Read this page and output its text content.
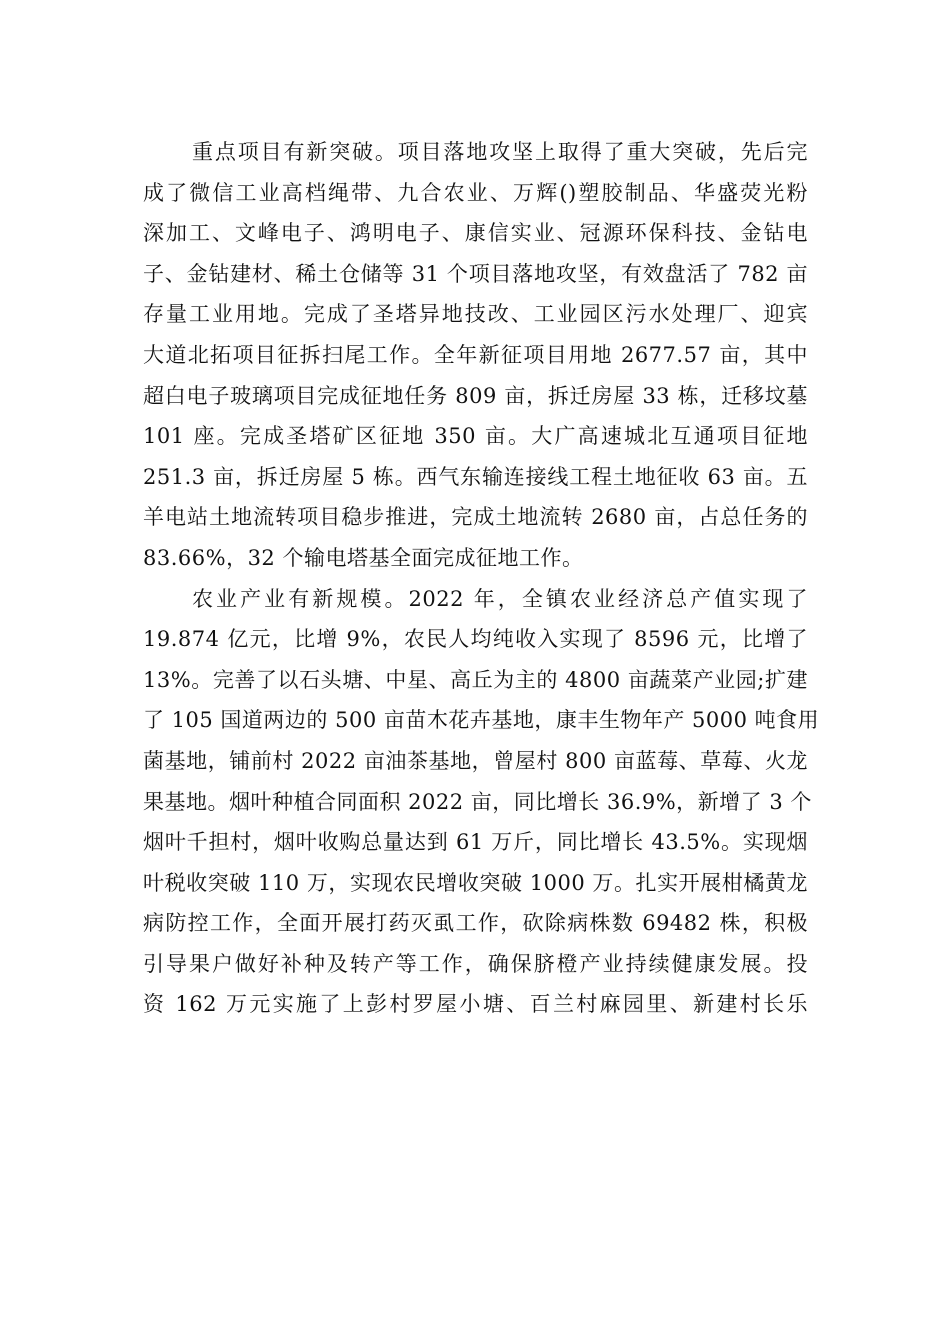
重点项目有新突破。项目落地攻坚上取得了重大突破，先后完
成了微信工业高档绳带、九合农业、万辉()塑胶制品、华盛荧光粉
深加工、文峰电子、鸿明电子、康信实业、冠源环保科技、金钻电
子、金钻建材、稀土仓储等 31 个项目落地攻坚，有效盘活了 782 亩
存量工业用地。完成了圣塔异地技改、工业园区污水处理厂、迎宾
大道北拓项目征拆扫尾工作。全年新征项目用地 2677.57 亩，其中
超白电子玻璃项目完成征地任务 809 亩，拆迁房屋 33 栋，迁移坟墓
101 座。完成圣塔矿区征地 350 亩。大广高速城北互通项目征地
251.3 亩，拆迁房屋 5 栋。西气东输连接线工程土地征收 63 亩。五
羊电站土地流转项目稳步推进，完成土地流转 2680 亩，占总任务的
83.66%，32 个输电塔基全面完成征地工作。
农业产业有新规模。2022 年，全镇农业经济总产值实现了
19.874 亿元，比增 9%，农民人均纯收入实现了 8596 元，比增了
13%。完善了以石头塘、中星、高丘为主的 4800 亩蔬菜产业园;扩建
了 105 国道两边的 500 亩苗木花卉基地，康丰生物年产 5000 吨食用
菌基地，铺前村 2022 亩油茶基地，曾屋村 800 亩蓝莓、草莓、火龙
果基地。烟叶种植合同面积 2022 亩，同比增长 36.9%，新增了 3 个
烟叶千担村，烟叶收购总量达到 61 万斤，同比增长 43.5%。实现烟
叶税收突破 110 万，实现农民增收突破 1000 万。扎实开展柑橘黄龙
病防控工作，全面开展打药灭虱工作，砍除病株数 69482 株，积极
引导果户做好补种及转产等工作，确保脐橙产业持续健康发展。投
资 162 万元实施了上彭村罗屋小塘、百兰村麻园里、新建村长乐
